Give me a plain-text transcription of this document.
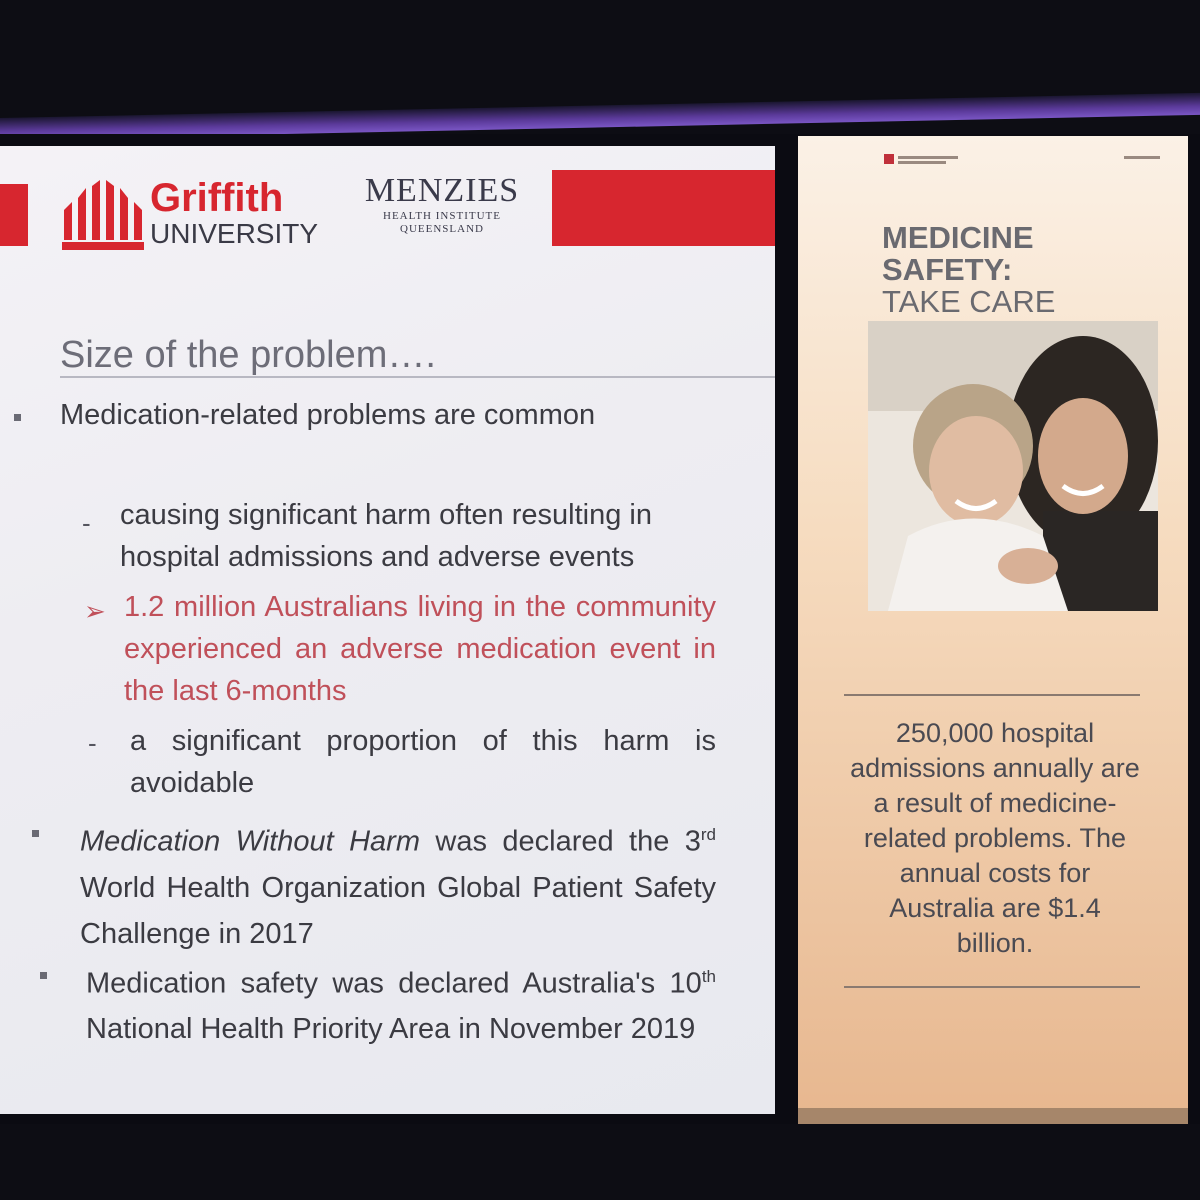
Griffith
UNIVERSITY
MENZIES
HEALTH INSTITUTE
QUEENSLAND
Size of the problem….
Medication-related problems are common
- causing significant harm often resulting in hospital admissions and adverse events
➢ 1.2 million Australians living in the community experienced an adverse medication event in the last 6-months
- a significant proportion of this harm is avoidable
Medication Without Harm was declared the 3rd World Health Organization Global Patient Safety Challenge in 2017
Medication safety was declared Australia's 10th National Health Priority Area in November 2019
MEDICINE
SAFETY:
TAKE CARE
250,000 hospital admissions annually are a result of medicine-related problems. The annual costs for Australia are $1.4 billion.
